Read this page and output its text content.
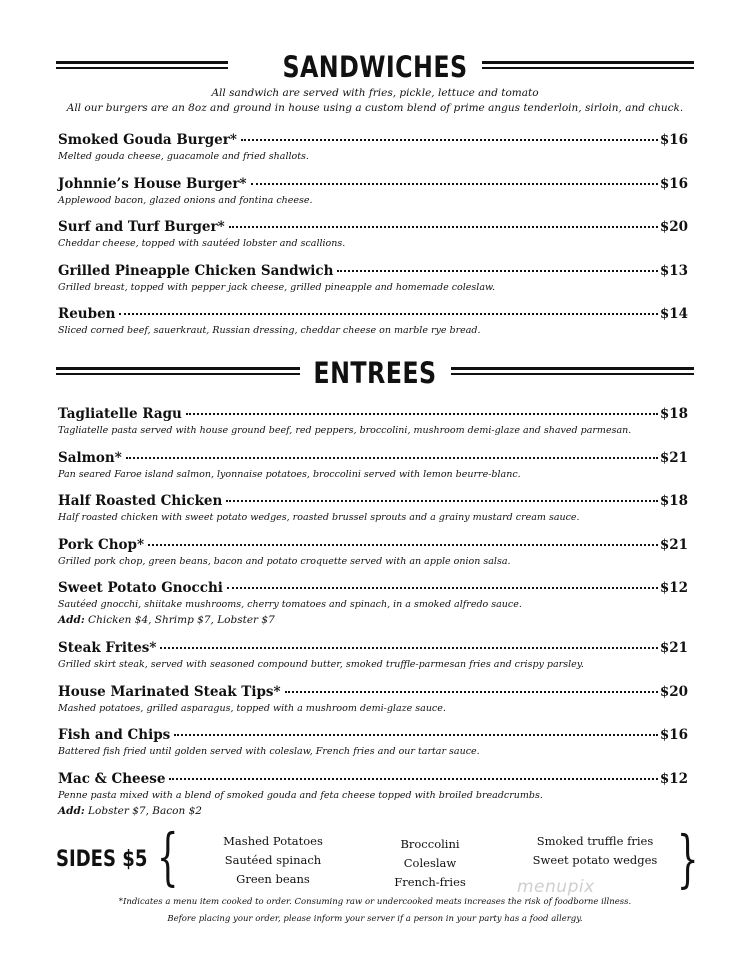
SANDWICHES
All sandwich are served with fries, pickle, lettuce and tomato
All our burgers are an 8oz and ground in house using a custom blend of prime angus tenderloin, sirloin, and chuck.
Smoked Gouda Burger*	$16
Melted gouda cheese, guacamole and fried shallots.
Johnnie’s House Burger*	$16
Applewood bacon, glazed onions and fontina cheese.
Surf and Turf Burger*	$20
Cheddar cheese, topped with sautéed lobster and scallions.
Grilled Pineapple Chicken Sandwich	$13
Grilled breast, topped with pepper jack cheese, grilled pineapple and homemade coleslaw.
Reuben	$14
Sliced corned beef, sauerkraut, Russian dressing, cheddar cheese on marble rye bread.
ENTREES
Tagliatelle Ragu	$18
Tagliatelle pasta served with house ground beef, red peppers, broccolini, mushroom demi-glaze and shaved parmesan.
Salmon*	$21
Pan seared Faroe island salmon, lyonnaise potatoes, broccolini served with lemon beurre-blanc.
Half Roasted Chicken	$18
Half roasted chicken with sweet potato wedges, roasted brussel sprouts and a grainy mustard cream sauce.
Pork Chop*	$21
Grilled pork chop, green beans, bacon and potato croquette served with an apple onion salsa.
Sweet Potato Gnocchi	$12
Sautéed gnocchi, shiitake mushrooms, cherry tomatoes and spinach, in a smoked alfredo sauce.
Add: Chicken $4, Shrimp $7, Lobster $7
Steak Frites*	$21
Grilled skirt steak, served with seasoned compound butter, smoked truffle-parmesan fries and crispy parsley.
House Marinated Steak Tips*	$20
Mashed potatoes, grilled asparagus, topped with a mushroom demi-glaze sauce.
Fish and Chips	$16
Battered fish fried until golden served with coleslaw, French fries and our tartar sauce.
Mac & Cheese	$12
Penne pasta mixed with a blend of smoked gouda and feta cheese topped with broiled breadcrumbs.
Add: Lobster $7, Bacon $2
SIDES $5 {	Mashed Potatoes
Sautéed spinach
Green beans
Broccolini
Coleslaw
French-fries
Smoked truffle fries
Sweet potato wedges }
menupix
*Indicates a menu item cooked to order. Consuming raw or undercooked meats increases the risk of foodborne illness.
Before placing your order, please inform your server if a person in your party has a food allergy.
